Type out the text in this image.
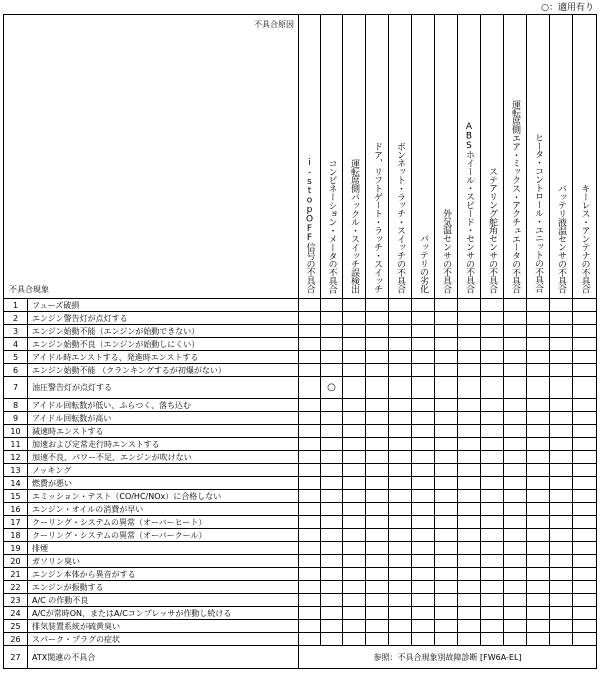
○：適用有り
不具合原因
不具合現象		i-stopOFF信号の不具合	コンビネーション・メータの不具合	運転席側バックル・スイッチ誤検出	ドア、リフトゲート・ラッチ・スイッチ	ボンネット・ラッチ・スイッチの不具合	バッテリの劣化	外気温センサの不具合	ABSホイール・スピード・センサの不具合	ステアリング舵角センサの不具合	運転席側エア・ミックス・アクチュエータの不具合	ヒータ・コントロール・ユニットの不具合	バッテリ液温センサの不具合	キーレス・アンテナの不具合
1	フューズ破損													
2	エンジン警告灯が点灯する													
3	エンジン始動不能（エンジンが始動できない）													
4	エンジン始動不良（エンジンが始動しにくい）													
5	アイドル時エンストする、発進時エンストする													
6	エンジン始動不能 （クランキングするが初爆がない）													
7	油圧警告灯が点灯する		○											
8	アイドル回転数が低い、ふらつく、落ち込む													
9	アイドル回転数が高い													
10	減速時エンストする													
11	加速および定常走行時エンストする													
12	加速不良、パワー不足、エンジンが吹けない													
13	ノッキング													
14	燃費が悪い													
15	エミッション・テスト（CO/HC/NOx）に合格しない													
16	エンジン・オイルの消費が早い													
17	クーリング・システムの異常（オーバーヒート）													
18	クーリング・システムの異常（オーバークール）													
19	排煙													
20	ガソリン臭い													
21	エンジン本体から異音がする													
22	エンジンが振動する													
23	A/C の作動不良													
24	A/Cが常時ON、またはA/Cコンプレッサが作動し続ける													
25	排気装置系統が硫黄臭い													
26	スパーク・プラグの症状													
27	ATX関連の不具合	参照：不具合現象別故障診断 [FW6A-EL]												
